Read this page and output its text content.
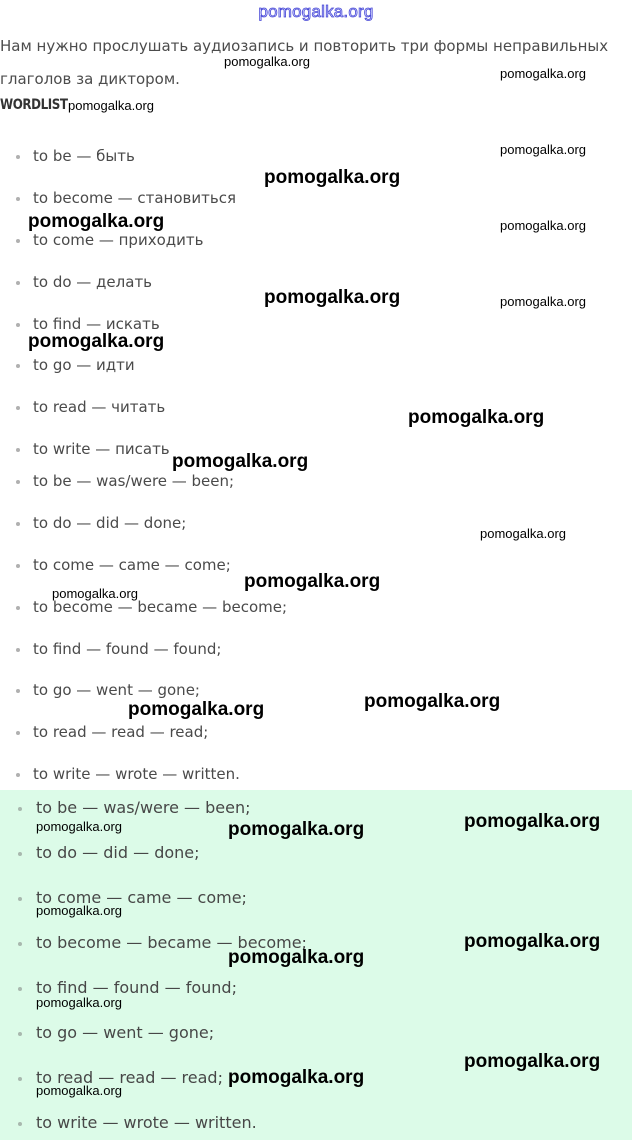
pomogalka.org
Нам нужно прослушать аудиозапись и повторить три формы неправильных глаголов за диктором.
WORDLIST
to be — быть
to become — становиться
to come — приходить
to do — делать
to find — искать
to go — идти
to read — читать
to write — писать
to be — was/were — been;
to do — did — done;
to come — came — come;
to become — became — become;
to find — found — found;
to go — went — gone;
to read — read — read;
to write — wrote — written.
to be — was/were — been;
to do — did — done;
to come — came — come;
to become — became — become;
to find — found — found;
to go — went — gone;
to read — read — read;
to write — wrote — written.
pomogalka.org
pomogalka.org
pomogalka.org
pomogalka.org
pomogalka.org
pomogalka.org	pomogalka.org
pomogalka.org	pomogalka.org
pomogalka.org
pomogalka.org
pomogalka.org
pomogalka.org
pomogalka.org
pomogalka.org
pomogalka.org
pomogalka.org
pomogalka.org
pomogalka.org	pomogalka.org
pomogalka.org
pomogalka.org
pomogalka.org
pomogalka.org
pomogalka.org
pomogalka.org
pomogalka.org
